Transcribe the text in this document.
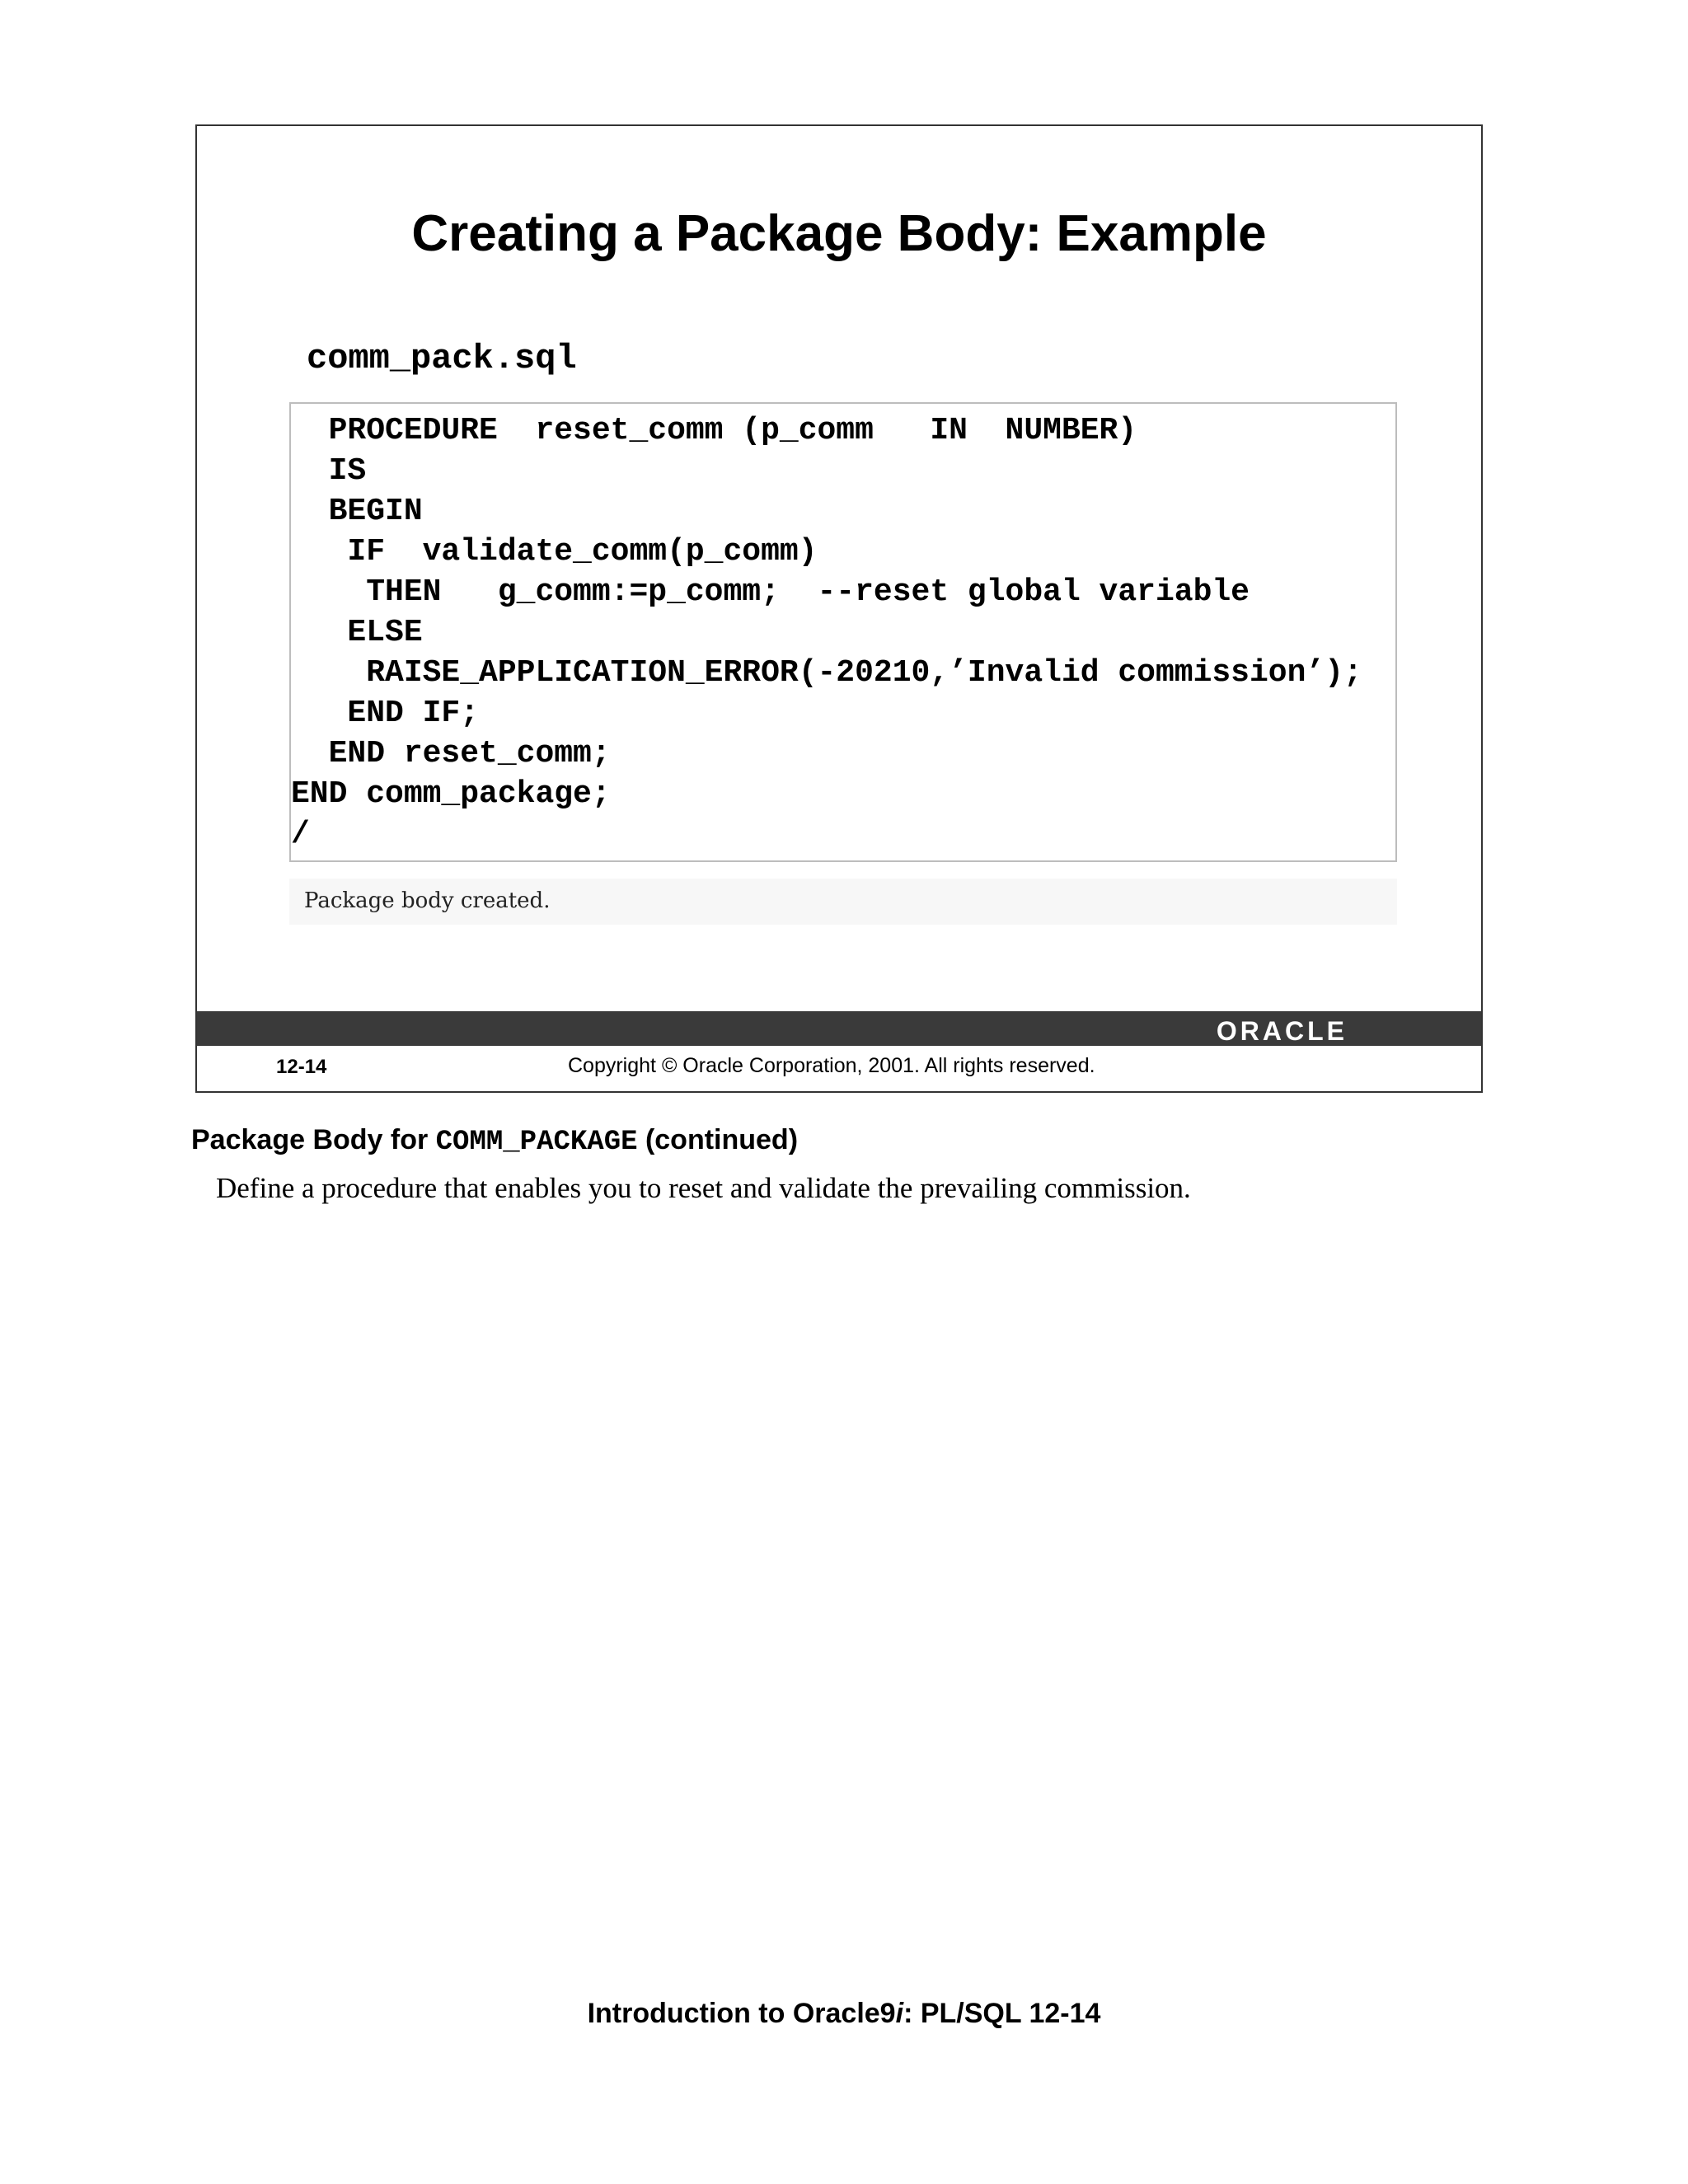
Creating a Package Body: Example
comm_pack.sql
PROCEDURE  reset_comm (p_comm   IN  NUMBER)
IS
BEGIN
IF  validate_comm(p_comm)
THEN   g_comm:=p_comm;  --reset global variable
ELSE
RAISE_APPLICATION_ERROR(-20210,’Invalid commission’);
END IF;
END reset_comm;
END comm_package;
/
Package body created.
ORACLE
12-14	Copyright © Oracle Corporation, 2001. All rights reserved.
Package Body for COMM_PACKAGE (continued)
Define a procedure that enables you to reset and validate the prevailing commission.
Introduction to Oracle9i: PL/SQL 12-14
